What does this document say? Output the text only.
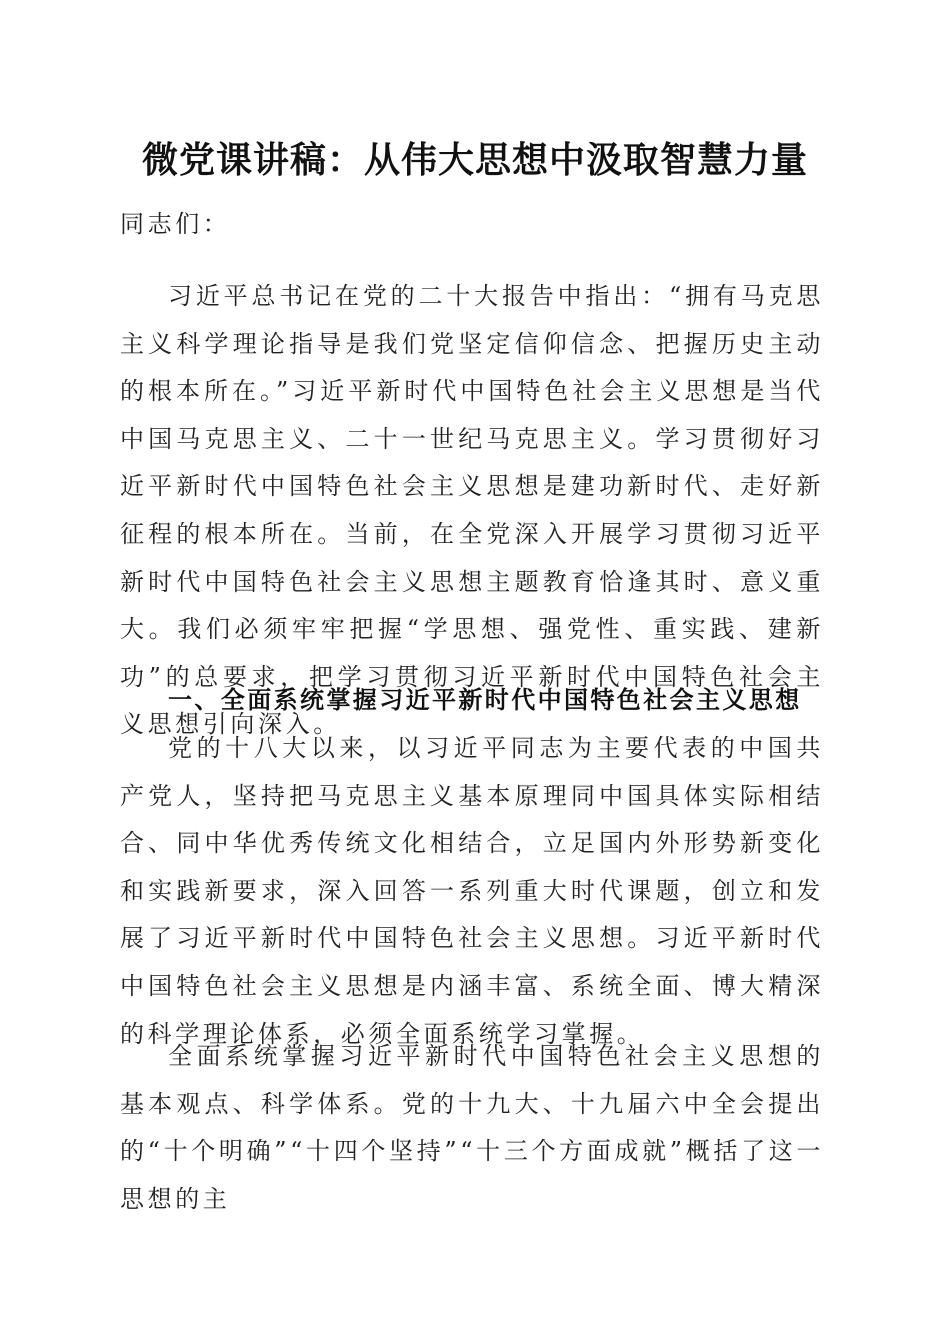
微党课讲稿：从伟大思想中汲取智慧力量
同志们：
习近平总书记在党的二十大报告中指出：“拥有马克思主义科学理论指导是我们党坚定信仰信念、把握历史主动的根本所在。”习近平新时代中国特色社会主义思想是当代中国马克思主义、二十一世纪马克思主义。学习贯彻好习近平新时代中国特色社会主义思想是建功新时代、走好新征程的根本所在。当前，在全党深入开展学习贯彻习近平新时代中国特色社会主义思想主题教育恰逢其时、意义重大。我们必须牢牢把握“学思想、强党性、重实践、建新功”的总要求，把学习贯彻习近平新时代中国特色社会主义思想引向深入。
一、全面系统掌握习近平新时代中国特色社会主义思想
党的十八大以来，以习近平同志为主要代表的中国共产党人，坚持把马克思主义基本原理同中国具体实际相结合、同中华优秀传统文化相结合，立足国内外形势新变化和实践新要求，深入回答一系列重大时代课题，创立和发展了习近平新时代中国特色社会主义思想。习近平新时代中国特色社会主义思想是内涵丰富、系统全面、博大精深的科学理论体系，必须全面系统学习掌握。
全面系统掌握习近平新时代中国特色社会主义思想的基本观点、科学体系。党的十九大、十九届六中全会提出的“十个明确”“十四个坚持”“十三个方面成就”概括了这一思想的主
